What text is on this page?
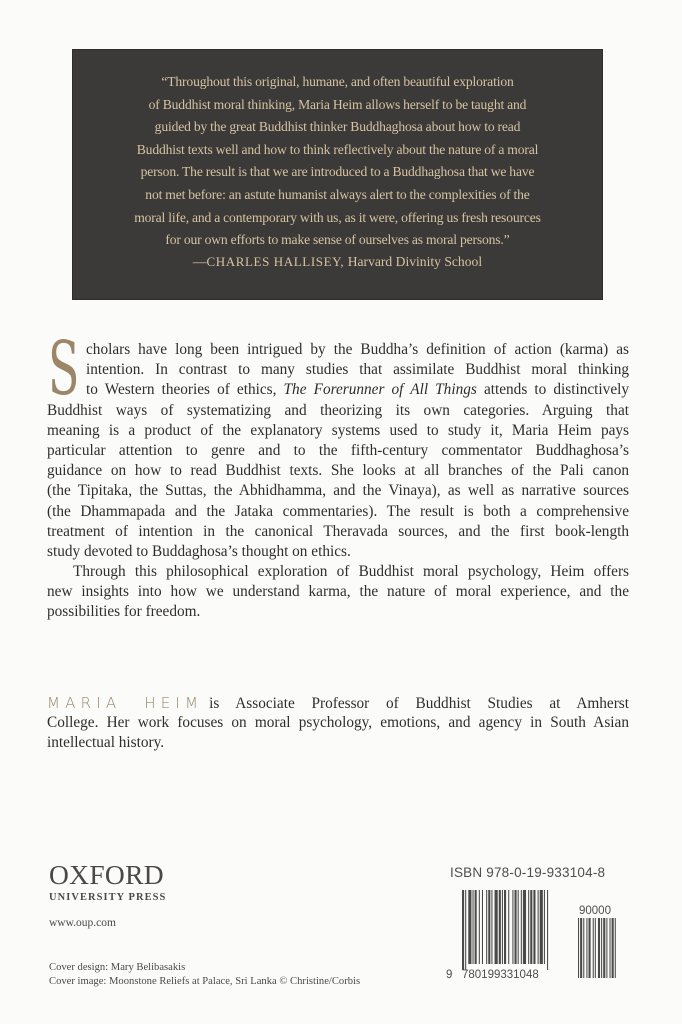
“Throughout this original, humane, and often beautiful exploration
of Buddhist moral thinking, Maria Heim allows herself to be taught and
guided by the great Buddhist thinker Buddhaghosa about how to read
Buddhist texts well and how to think reflectively about the nature of a moral
person. The result is that we are introduced to a Buddhaghosa that we have
not met before: an astute humanist always alert to the complexities of the
moral life, and a contemporary with us, as it were, offering us fresh resources
for our own efforts to make sense of ourselves as moral persons.”
—CHARLES HALLISEY, Harvard Divinity School
S cholars have long been intrigued by the Buddha’s definition of action (karma) as
intention. In contrast to many studies that assimilate Buddhist moral thinking
to Western theories of ethics, The Forerunner of All Things attends to distinctively
Buddhist ways of systematizing and theorizing its own categories. Arguing that
meaning is a product of the explanatory systems used to study it, Maria Heim pays
particular attention to genre and to the fifth-century commentator Buddhaghosa’s
guidance on how to read Buddhist texts. She looks at all branches of the Pali canon
(the Tipitaka, the Suttas, the Abhidhamma, and the Vinaya), as well as narrative sources
(the Dhammapada and the Jataka commentaries). The result is both a comprehensive
treatment of intention in the canonical Theravada sources, and the first book-length
study devoted to Buddaghosa’s thought on ethics.
Through this philosophical exploration of Buddhist moral psychology, Heim offers
new insights into how we understand karma, the nature of moral experience, and the
possibilities for freedom.
MARIA HEIM is Associate Professor of Buddhist Studies at Amherst
College. Her work focuses on moral psychology, emotions, and agency in South Asian
intellectual history.
OXFORD
UNIVERSITY PRESS
www.oup.com
Cover design: Mary Belibasakis
Cover image: Moonstone Reliefs at Palace, Sri Lanka © Christine/Corbis
ISBN 978-0-19-933104-8
90000
9 780199331048
